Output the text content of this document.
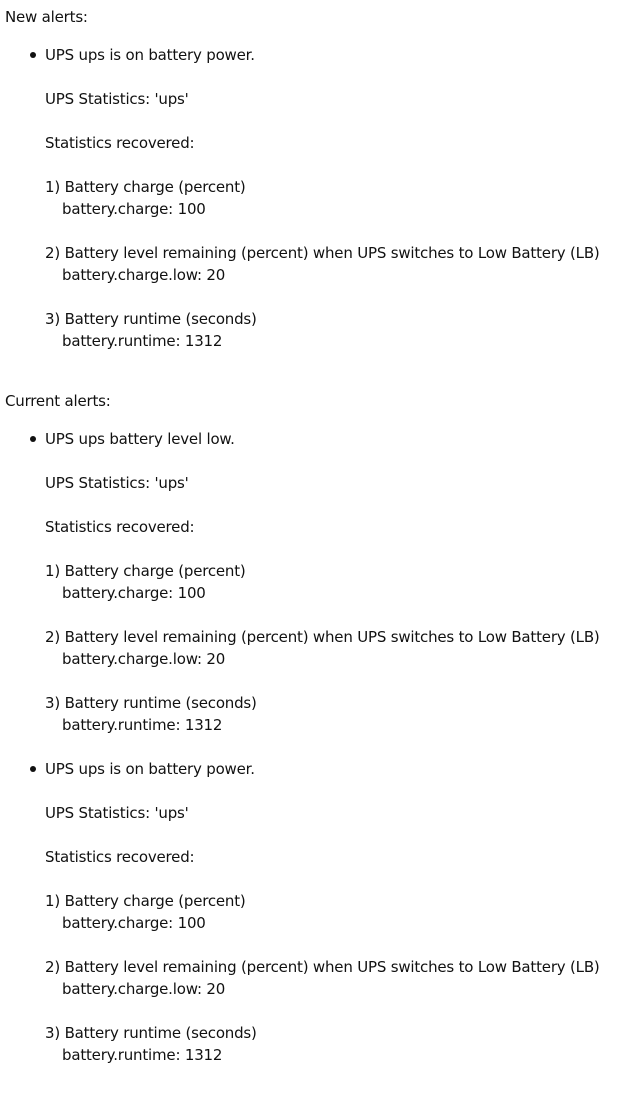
New alerts:
UPS ups is on battery power.
UPS Statistics: 'ups'
Statistics recovered:
1) Battery charge (percent)
battery.charge: 100
2) Battery level remaining (percent) when UPS switches to Low Battery (LB)
battery.charge.low: 20
3) Battery runtime (seconds)
battery.runtime: 1312
Current alerts:
UPS ups battery level low.
UPS Statistics: 'ups'
Statistics recovered:
1) Battery charge (percent)
battery.charge: 100
2) Battery level remaining (percent) when UPS switches to Low Battery (LB)
battery.charge.low: 20
3) Battery runtime (seconds)
battery.runtime: 1312
UPS ups is on battery power.
UPS Statistics: 'ups'
Statistics recovered:
1) Battery charge (percent)
battery.charge: 100
2) Battery level remaining (percent) when UPS switches to Low Battery (LB)
battery.charge.low: 20
3) Battery runtime (seconds)
battery.runtime: 1312
